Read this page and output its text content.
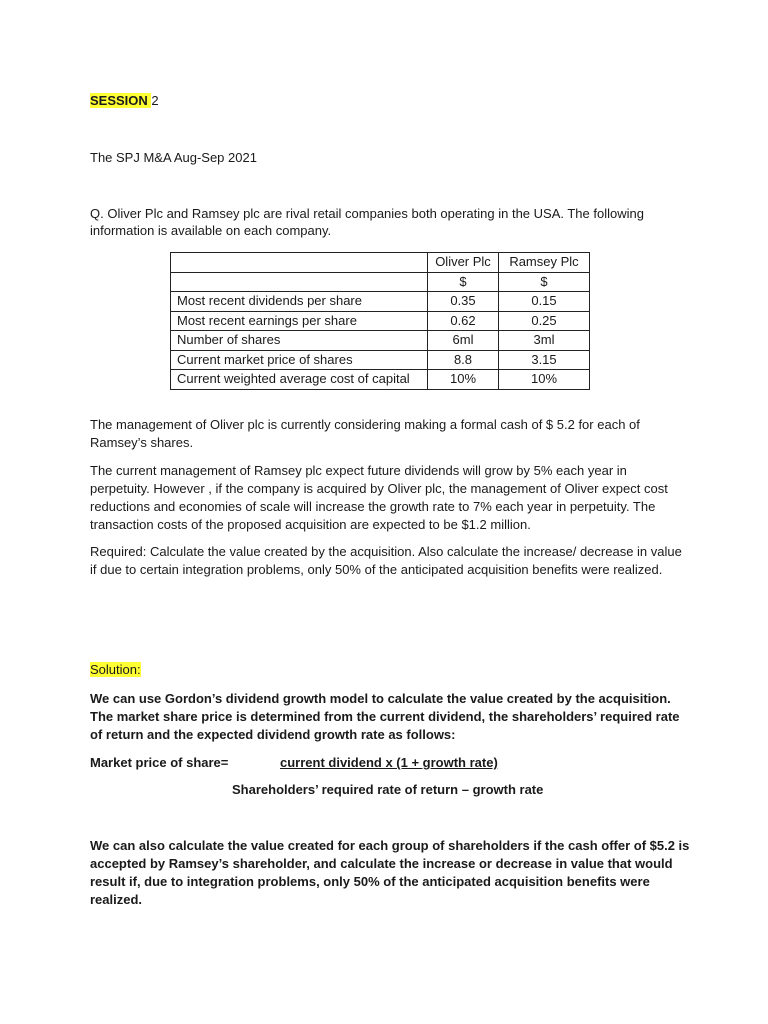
SESSION 2
The SPJ M&A Aug-Sep 2021
Q. Oliver Plc and Ramsey plc are rival retail companies both operating in the USA. The following information is available on each company.
	Oliver Plc	Ramsey Plc
	$	$
Most recent dividends per share	0.35	0.15
Most recent earnings per share	0.62	0.25
Number of shares	6ml	3ml
Current market price of shares	8.8	3.15
Current weighted average cost of capital	10%	10%
The management of Oliver plc is currently considering making a formal cash of $ 5.2 for each of Ramsey’s shares.
The current management of Ramsey plc expect future dividends will grow by 5% each year in perpetuity. However , if the company is acquired by Oliver plc, the management of Oliver expect cost reductions and economies of scale will increase the growth rate to 7% each year in perpetuity. The transaction costs of the proposed acquisition are expected to be $1.2 million.
Required: Calculate the value created by the acquisition. Also calculate the increase/ decrease in value if due to certain integration problems, only 50% of the anticipated acquisition benefits were realized.
Solution:
We can use Gordon’s dividend growth model to calculate the value created by the acquisition. The market share price is determined from the current dividend, the shareholders’ required rate of return and the expected dividend growth rate as follows:
Market price of share=	current dividend x (1 + growth rate)
Shareholders’ required rate of return – growth rate
We can also calculate the value created for each group of shareholders if the cash offer of $5.2 is accepted by Ramsey’s shareholder, and calculate the increase or decrease in value that would result if, due to integration problems, only 50% of the anticipated acquisition benefits were realized.
